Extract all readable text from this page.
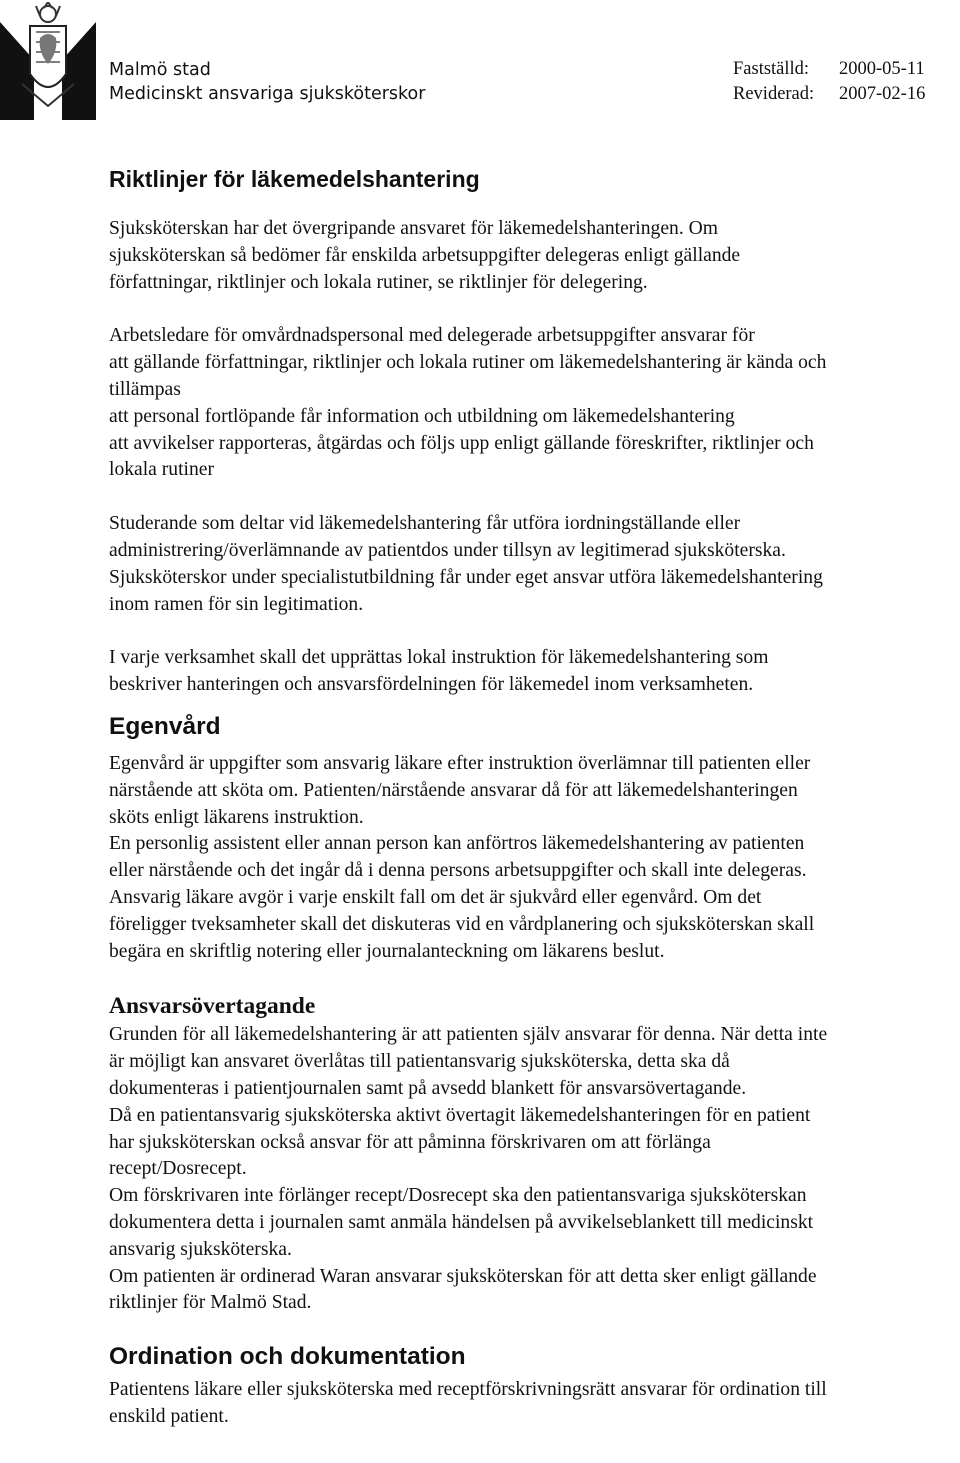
Malmö stad
Medicinskt ansvariga sjuksköterskor
Fastställd:	2000-05-11
Reviderad:	2007-02-16
Riktlinjer för läkemedelshantering
Sjuksköterskan har det övergripande ansvaret för läkemedelshanteringen. Om
sjuksköterskan så bedömer får enskilda arbetsuppgifter delegeras enligt gällande
författningar, riktlinjer och lokala rutiner, se riktlinjer för delegering.
Arbetsledare för omvårdnadspersonal med delegerade arbetsuppgifter ansvarar för
att gällande författningar, riktlinjer och lokala rutiner om läkemedelshantering är kända och
tillämpas
att personal fortlöpande får information och utbildning om läkemedelshantering
att avvikelser rapporteras, åtgärdas och följs upp enligt gällande föreskrifter, riktlinjer och
lokala rutiner
Studerande som deltar vid läkemedelshantering får utföra iordningställande eller
administrering/överlämnande av patientdos under tillsyn av legitimerad sjuksköterska.
Sjuksköterskor under specialistutbildning får under eget ansvar utföra läkemedelshantering
inom ramen för sin legitimation.
I varje verksamhet skall det upprättas lokal instruktion för läkemedelshantering som
beskriver hanteringen och ansvarsfördelningen för läkemedel inom verksamheten.
Egenvård
Egenvård är uppgifter som ansvarig läkare efter instruktion överlämnar till patienten eller
närstående att sköta om. Patienten/närstående ansvarar då för att läkemedelshanteringen
sköts enligt läkarens instruktion.
En personlig assistent eller annan person kan anförtros läkemedelshantering av patienten
eller närstående och det ingår då i denna persons arbetsuppgifter och skall inte delegeras.
Ansvarig läkare avgör i varje enskilt fall om det är sjukvård eller egenvård. Om det
föreligger tveksamheter skall det diskuteras vid en vårdplanering och sjuksköterskan skall
begära en skriftlig notering eller journalanteckning om läkarens beslut.
Ansvarsövertagande
Grunden för all läkemedelshantering är att patienten själv ansvarar för denna. När detta inte
är möjligt kan ansvaret överlåtas till patientansvarig sjuksköterska, detta ska då
dokumenteras i patientjournalen samt på avsedd blankett för ansvarsövertagande.
Då en patientansvarig sjuksköterska aktivt övertagit läkemedelshanteringen för en patient
har sjuksköterskan också ansvar för att påminna förskrivaren om att förlänga
recept/Dosrecept.
Om förskrivaren inte förlänger recept/Dosrecept ska den patientansvariga sjuksköterskan
dokumentera detta i journalen samt anmäla händelsen på avvikelseblankett till medicinskt
ansvarig sjuksköterska.
Om patienten är ordinerad Waran ansvarar sjuksköterskan för att detta sker enligt gällande
riktlinjer för Malmö Stad.
Ordination och dokumentation
Patientens läkare eller sjuksköterska med receptförskrivningsrätt ansvarar för ordination till
enskild patient.
